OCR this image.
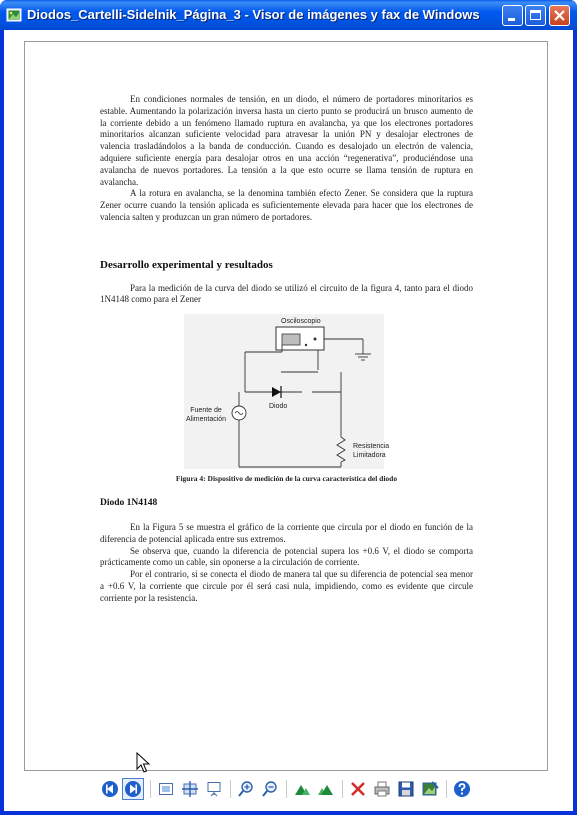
Diodos_Cartelli-Sidelnik_Página_3 - Visor de imágenes y fax de Windows

En condiciones normales de tensión, en un diodo, el número de portadores minoritarios es estable. Aumentando la polarización inversa hasta un cierto punto se producirá un brusco aumento de la corriente debido a un fenómeno llamado ruptura en avalancha, ya que los electrones portadores minoritarios alcanzan suficiente velocidad para atravesar la unión PN y desalojar electrones de valencia trasladándolos a la banda de conducción. Cuando es desalojado un electrón de valencia, adquiere suficiente energía para desalojar otros en una acción “regenerativa”, produciéndose una avalancha de nuevos portadores. La tensión a la que esto ocurre se llama tensión de ruptura en avalancha.

A la rotura en avalancha, se la denomina también efecto Zener. Se considera que la ruptura Zener ocurre cuando la tensión aplicada es suficientemente elevada para hacer que los electrones de valencia salten y produzcan un gran número de portadores.

Desarrollo experimental y resultados

Para la medición de la curva del diodo se utilizó el circuito de la figura 4, tanto para el diodo 1N4148 como para el Zener

Osciloscopio
Diodo
Fuente de
Alimentación
Resistencia
Limitadora
Figura 4: Dispositivo de medición de la curva característica del diodo
Diodo 1N4148

En la Figura 5 se muestra el gráfico de la corriente que circula por el diodo en función de la diferencia de potencial aplicada entre sus extremos.

Se observa que, cuando la diferencia de potencial supera los +0.6 V, el diodo se comporta prácticamente como un cable, sin oponerse a la circulación de corriente.

Por el contrario, si se conecta el diodo de manera tal que su diferencia de potencial sea menor a +0.6 V, la corriente que circule por él será casi nula, impidiendo, como es evidente que circule corriente por la resistencia.
